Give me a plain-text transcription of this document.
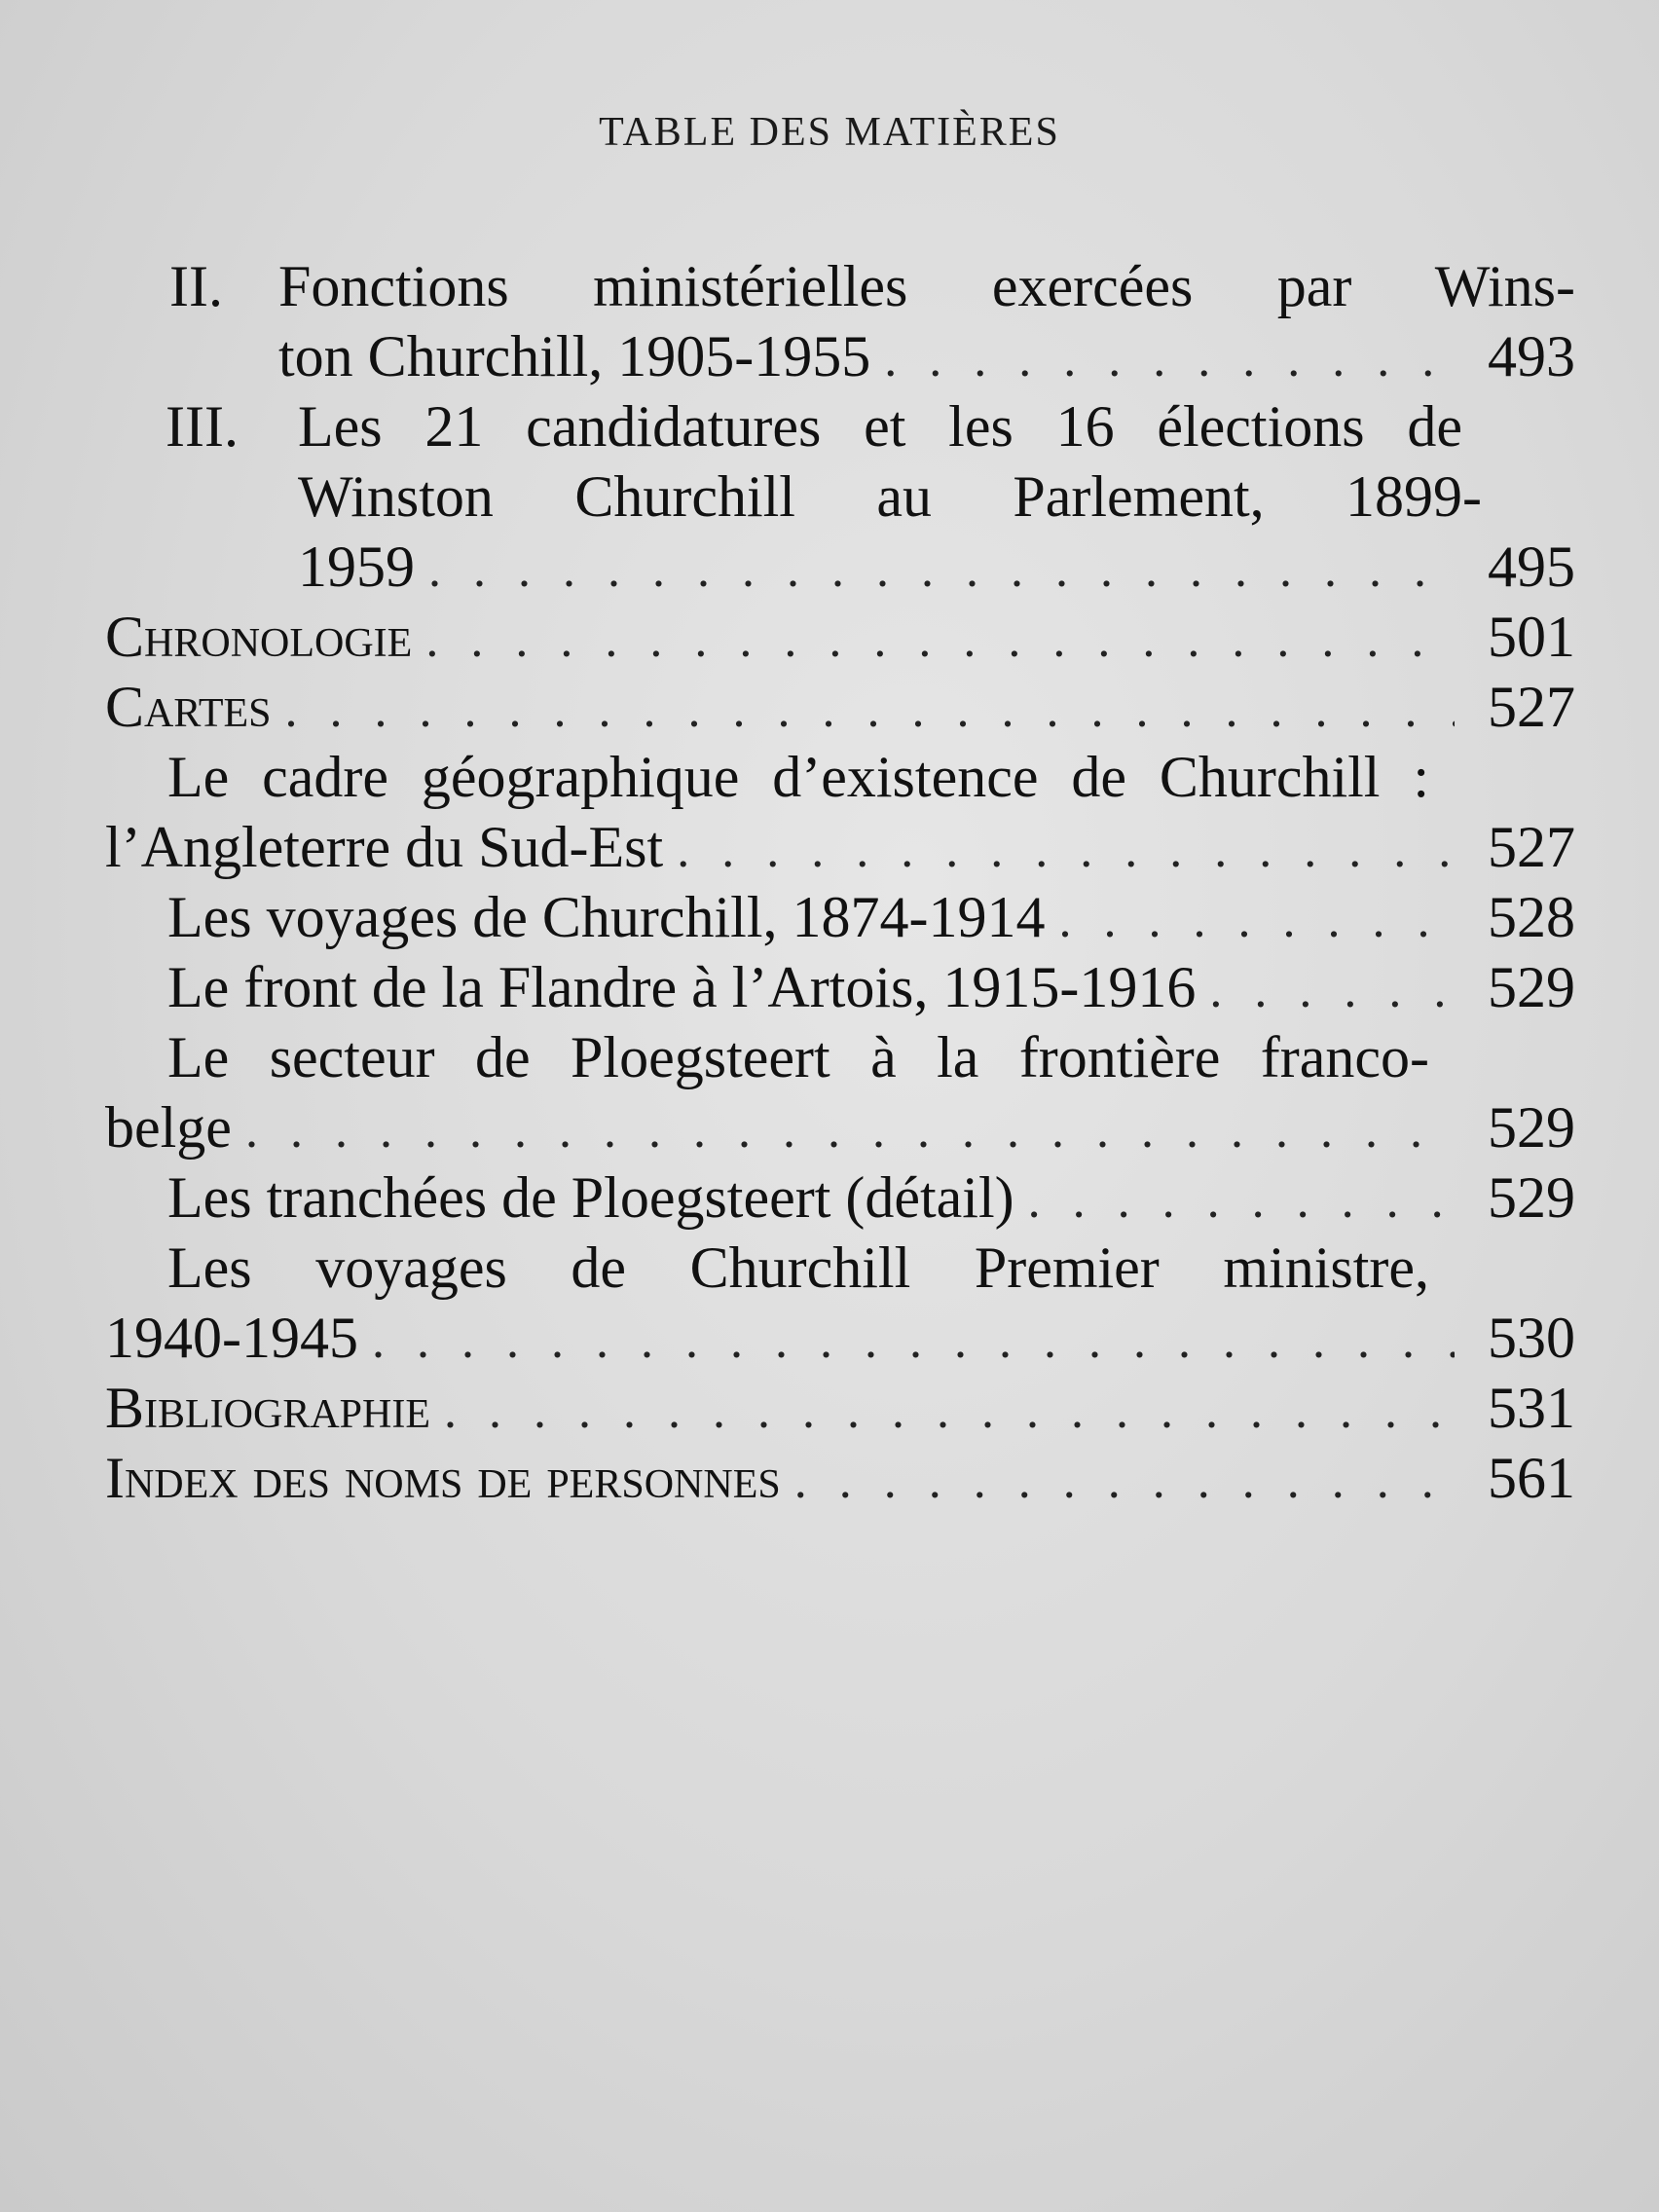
TABLE DES MATIÈRES
II. Fonctions ministérielles exercées par Wins-
ton Churchill, 1905-1955 . . .	493
III.	Les 21 candidatures et les 16 élections de
Winston Churchill au Parlement, 1899-
1959 . . .	495
Chronologie . . .	501
Cartes . . .	527
Le cadre géographique d’existence de Churchill :
l’Angleterre du Sud-Est . . .	527
Les voyages de Churchill, 1874-1914 . . .	528
Le front de la Flandre à l’Artois, 1915-1916 . . .	529
Le secteur de Ploegsteert à la frontière franco-
belge . . .	529
Les tranchées de Ploegsteert (détail) . . .	529
Les voyages de Churchill Premier ministre,
1940-1945 . . .	530
Bibliographie . . .	531
Index des noms de personnes . . .	561
